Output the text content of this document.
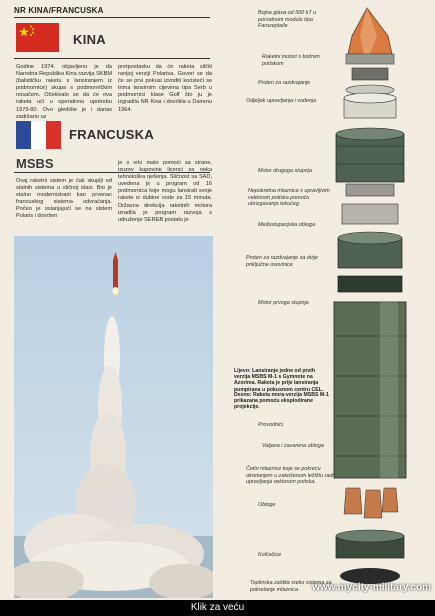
NR KINA/FRANCUSKA
KINA
Godine 1974. objavljeno je da Narodna Republika Kina razvija SKBM (balističku raketu s lansiranjem iz podmornice) skupa s podmorničkim nosačem. Očekivalo se da će ova raketa ući u operativnu upotrebu 1979-80. Ovo gledište je i danas zadržano uz
pretpostavku da će raketa sličiti ranijoj verziji Polarisa. Govori se da će se prvi pokusi izvoditi koristeći se trima lansirnim cijevima tipa Serb u podmornici klase Golf što ju je izgradila NR Kina i dovršila u Dairenu 1964.
FRANCUSKA
MSBS
Ovaj raketni sistem je čak skuplji od stalnih sistema u sličnoj klasi. Bio je stalno modernizirani kao prvenac francuskog sistema odvraćanja. Počeo je oslanjajući se na sistem Polaris i dovršen
je s vrlo malo pomoći sa strane, izuzev kupovine licenci za neka tehnološka rješenja. Sličnost sa SAD, uvedena je u program od 16 podmornica koje mogu lansirati svoje rakete iz dubine vode za 15 minuta. Državna direkcija raketnih motora izradila je program razvoja s udruženje SEREB postalo je
Bojna glava od 500 kT u povratnom modulu tipa Farozeptaile
Raketni motori s bočnim potiskom
Proten za razdvajanje
Odjeljak upravljanja i vođenja
Motor drugoga stupnja
Nepokretna mlaznica s upravljivim vektorom potiska pomoću ubrizgavanja tekućeg
Međustupanjska obloga
Proten za razdvajanje sa dvije priključne osovinice
Motor prvoga stupnja
Lijevo: Lansiranje jedne od prvih verzija MSBS M-1 s Gymnote na Azorima. Raketa je prije lansiranja pumpirana u pokusnom centru CEL.
Desno: Raketa mora-verzija MSBS M-1 prikazana pomoću eksplodirane projekcije.
Provodnici
Valjana i zavarena obloga
Četiri mlaznice koje se pokreću okretanjem u zakošenom ležištu radi upravljanja vektorom potiska.
Obloge
Kolčačice
Toplinska zaštita sreko sistema za pokretanje mlaznica	www.mycity-military.com
Klik za veću
